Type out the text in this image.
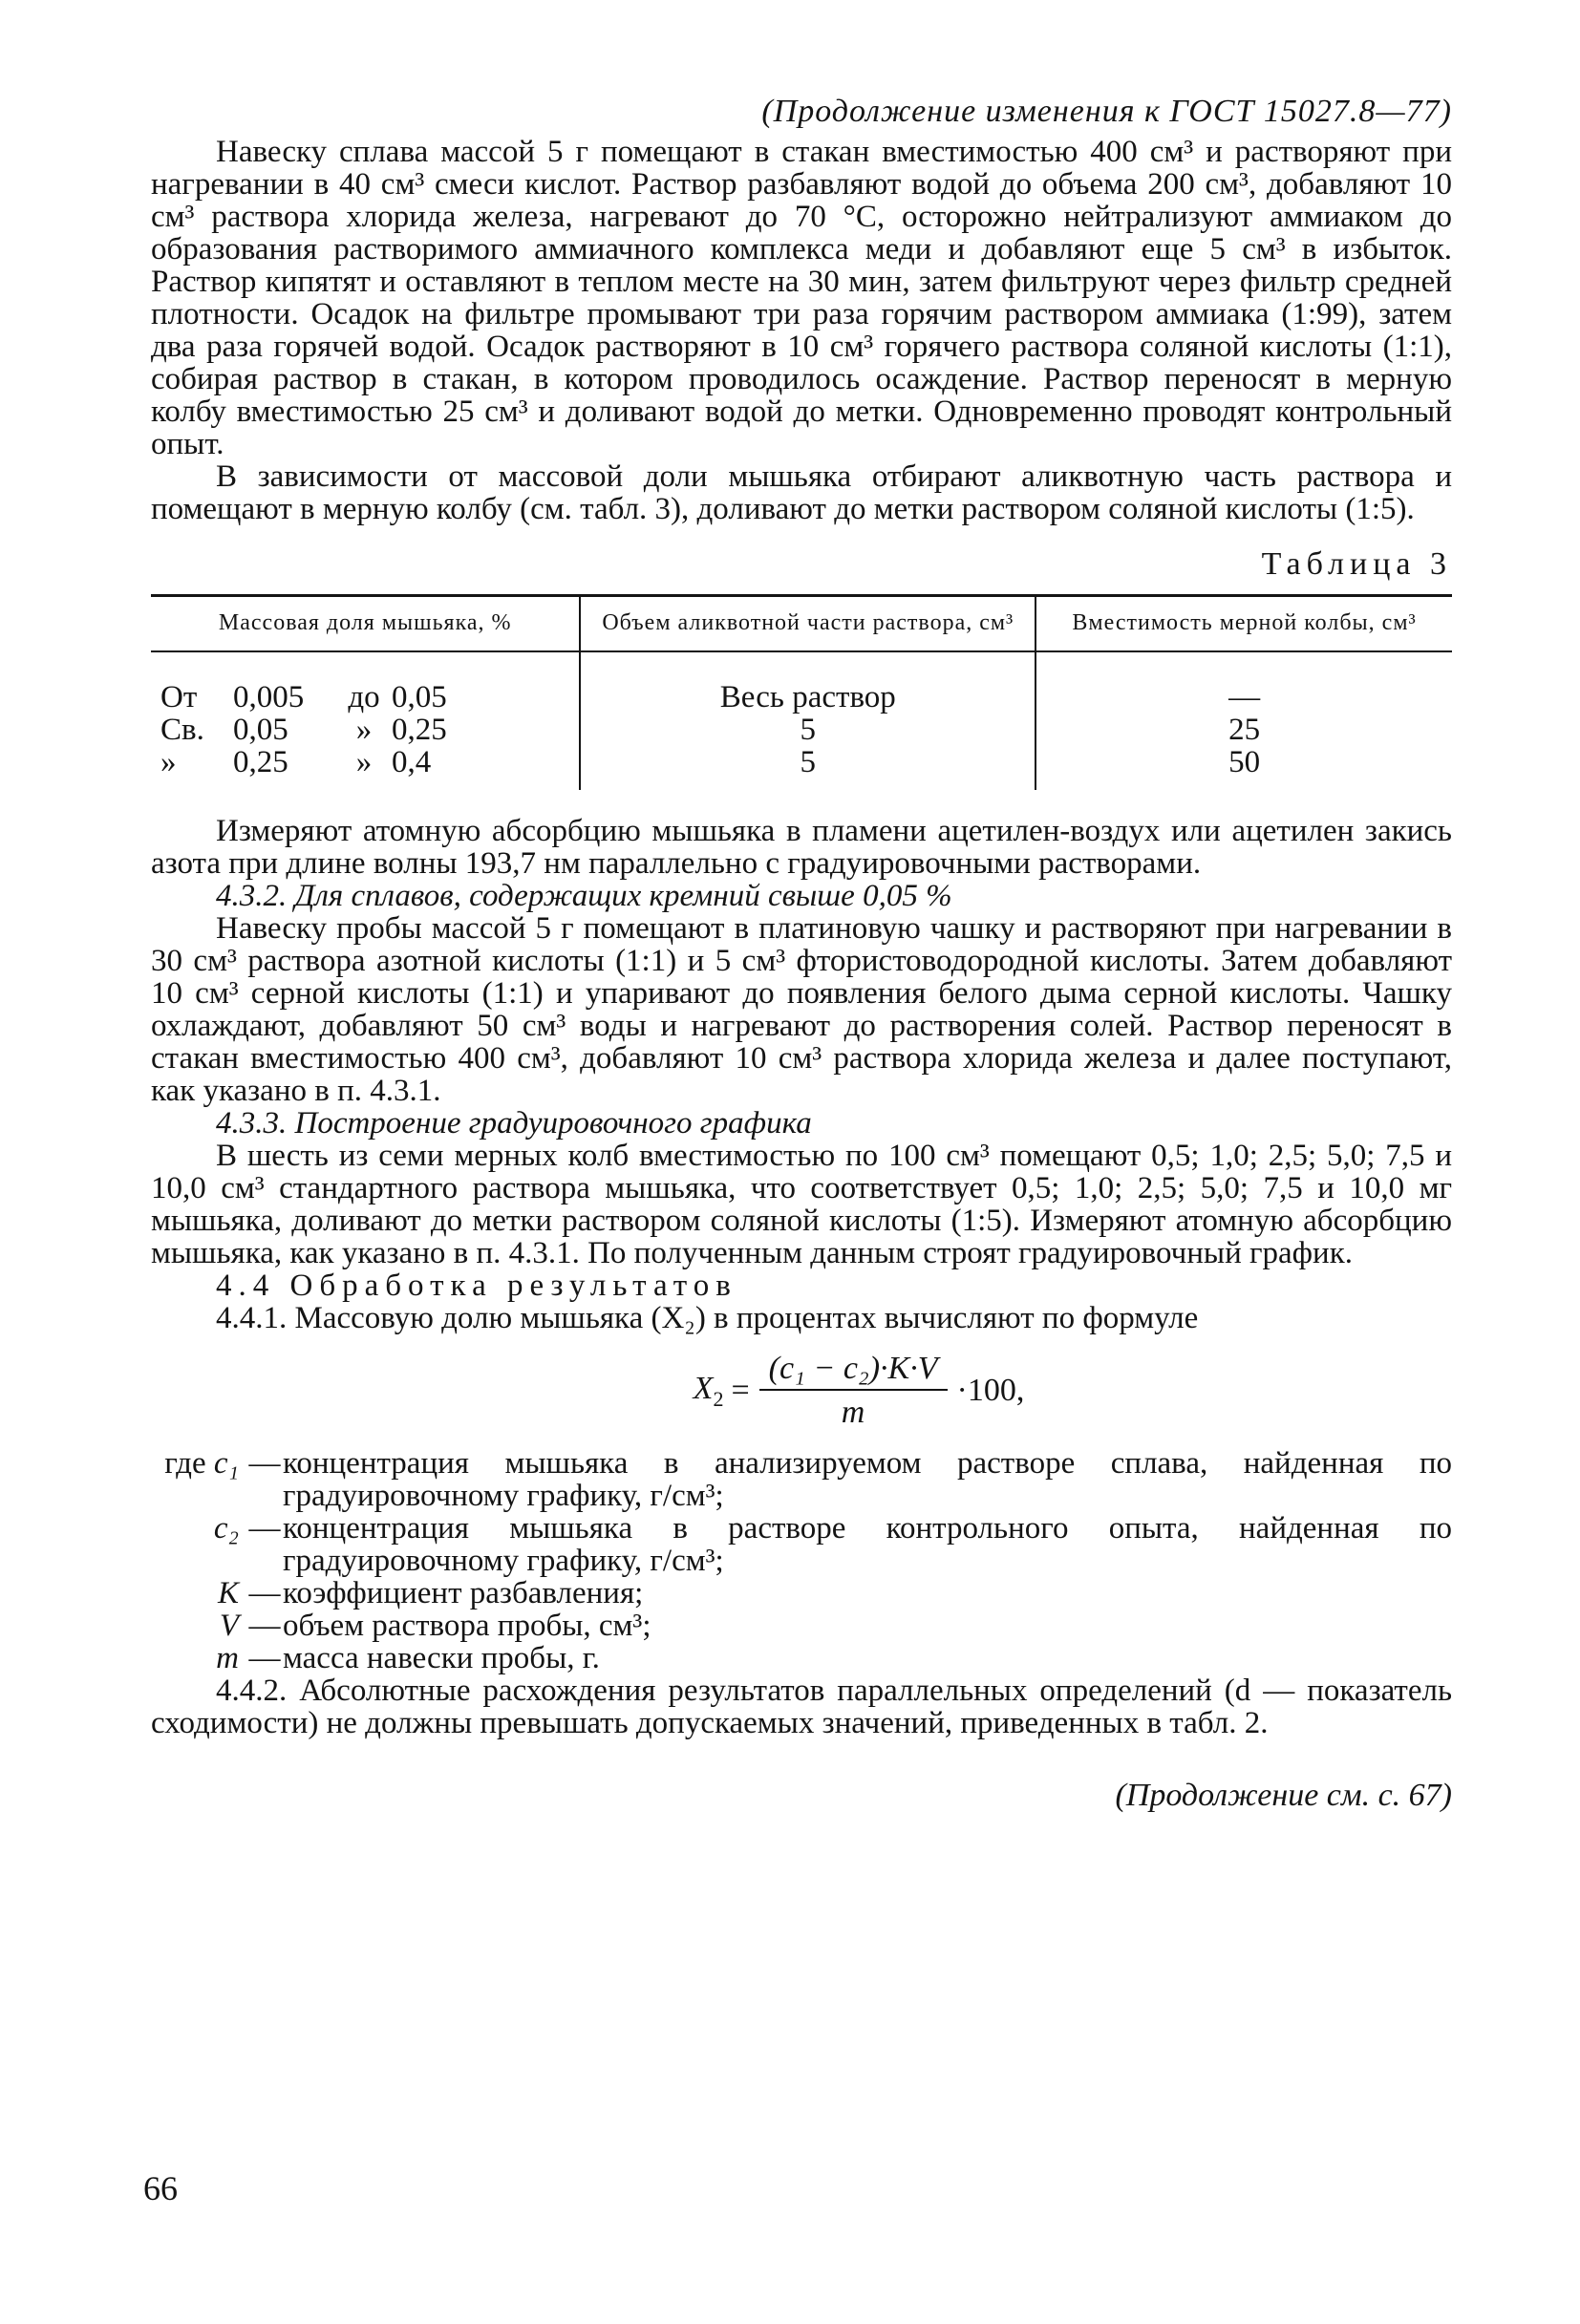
(Продолжение изменения к ГОСТ 15027.8—77)

Навеску сплава массой 5 г помещают в стакан вместимостью 400 см³ и растворяют при нагревании в 40 см³ смеси кислот. Раствор разбавляют водой до объема 200 см³, добавляют 10 см³ раствора хлорида железа, нагревают до 70 °С, осторожно нейтрализуют аммиаком до образования растворимого аммиачного комплекса меди и добавляют еще 5 см³ в избыток. Раствор кипятят и оставляют в теплом месте на 30 мин, затем фильтруют через фильтр средней плотности. Осадок на фильтре промывают три раза горячим раствором аммиака (1:99), затем два раза горячей водой. Осадок растворяют в 10 см³ горячего раствора соляной кислоты (1:1), собирая раствор в стакан, в котором проводилось осаждение. Раствор переносят в мерную колбу вместимостью 25 см³ и доливают водой до метки. Одновременно проводят контрольный опыт.

В зависимости от массовой доли мышьяка отбирают аликвотную часть раствора и помещают в мерную колбу (см. табл. 3), доливают до метки раствором соляной кислоты (1:5).

Таблица 3
Массовая доля мышьяка, %	Объем аликвотной части раствора, см³	Вместимость мерной колбы, см³
От 0,005 до 0,05	Весь раствор	—
Св. 0,05 » 0,25	5	25
» 0,25 » 0,4	5	50

Измеряют атомную абсорбцию мышьяка в пламени ацетилен-воздух или ацетилен закись азота при длине волны 193,7 нм параллельно с градуировочными растворами.

4.3.2. Для сплавов, содержащих кремний свыше 0,05 %

Навеску пробы массой 5 г помещают в платиновую чашку и растворяют при нагревании в 30 см³ раствора азотной кислоты (1:1) и 5 см³ фтористоводородной кислоты. Затем добавляют 10 см³ серной кислоты (1:1) и упаривают до появления белого дыма серной кислоты. Чашку охлаждают, добавляют 50 см³ воды и нагревают до растворения солей. Раствор переносят в стакан вместимостью 400 см³, добавляют 10 см³ раствора хлорида железа и далее поступают, как указано в п. 4.3.1.

4.3.3. Построение градуировочного графика

В шесть из семи мерных колб вместимостью по 100 см³ помещают 0,5; 1,0; 2,5; 5,0; 7,5 и 10,0 см³ стандартного раствора мышьяка, что соответствует 0,5; 1,0; 2,5; 5,0; 7,5 и 10,0 мг мышьяка, доливают до метки раствором соляной кислоты (1:5). Измеряют атомную абсорбцию мышьяка, как указано в п. 4.3.1. По полученным данным строят градуировочный график.

4.4 Обработка результатов

4.4.1. Массовую долю мышьяка (X₂) в процентах вычисляют по формуле

$X_2 = \frac{\text{(c₁ − c₂)·K·V}}{m} \cdot 100$,
где c₁ — концентрация мышьяка в анализируемом растворе сплава, найденная по градуировочному графику, г/см³;
c₂ — концентрация мышьяка в растворе контрольного опыта, найденная по градуировочному графику, г/см³;
K — коэффициент разбавления;
V — объем раствора пробы, см³;
m — масса навески пробы, г.

4.4.2. Абсолютные расхождения результатов параллельных определений (d — показатель сходимости) не должны превышать допускаемых значений, приведенных в табл. 2.

(Продолжение см. с. 67)
66
